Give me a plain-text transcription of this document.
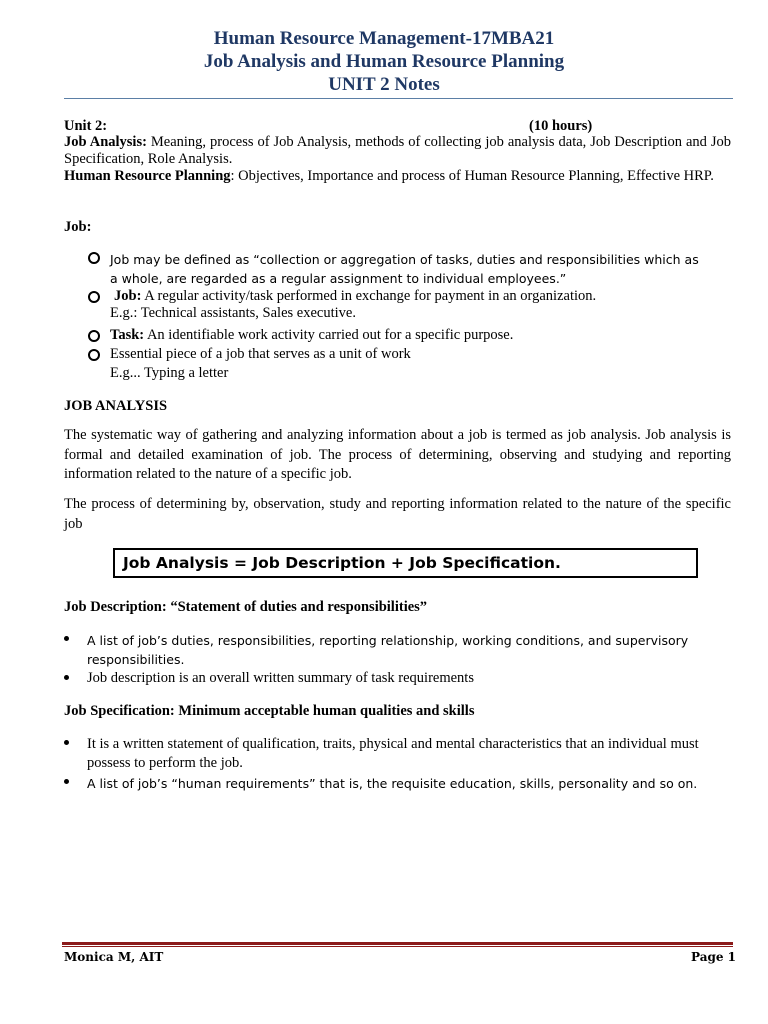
Human Resource Management-17MBA21
Job Analysis and Human Resource Planning
UNIT 2 Notes
Unit 2:	(10 hours)
Job Analysis: Meaning, process of Job Analysis, methods of collecting job analysis data, Job Description and Job Specification, Role Analysis.
Human Resource Planning: Objectives, Importance and process of Human Resource Planning, Effective HRP.
Job:
Job may be defined as “collection or aggregation of tasks, duties and responsibilities which as a whole, are regarded as a regular assignment to individual employees.”
Job: A regular activity/task performed in exchange for payment in an organization.
E.g.: Technical assistants, Sales executive.
Task: An identifiable work activity carried out for a specific purpose.
Essential piece of a job that serves as a unit of work
E.g... Typing a letter
JOB ANALYSIS
The systematic way of gathering and analyzing information about a job is termed as job analysis. Job analysis is formal and detailed examination of job. The process of determining, observing and studying and reporting information related to the nature of a specific job.
The process of determining by, observation, study and reporting information related to the nature of the specific job
Job Analysis = Job Description + Job Specification.
Job Description: “Statement of duties and responsibilities”
A list of job’s duties, responsibilities, reporting relationship, working conditions, and supervisory responsibilities.
Job description is an overall written summary of task requirements
Job Specification: Minimum acceptable human qualities and skills
It is a written statement of qualification, traits, physical and mental characteristics that an individual must possess to perform the job.
A list of job’s “human requirements” that is, the requisite education, skills, personality and so on.
Monica M, AIT	Page 1
